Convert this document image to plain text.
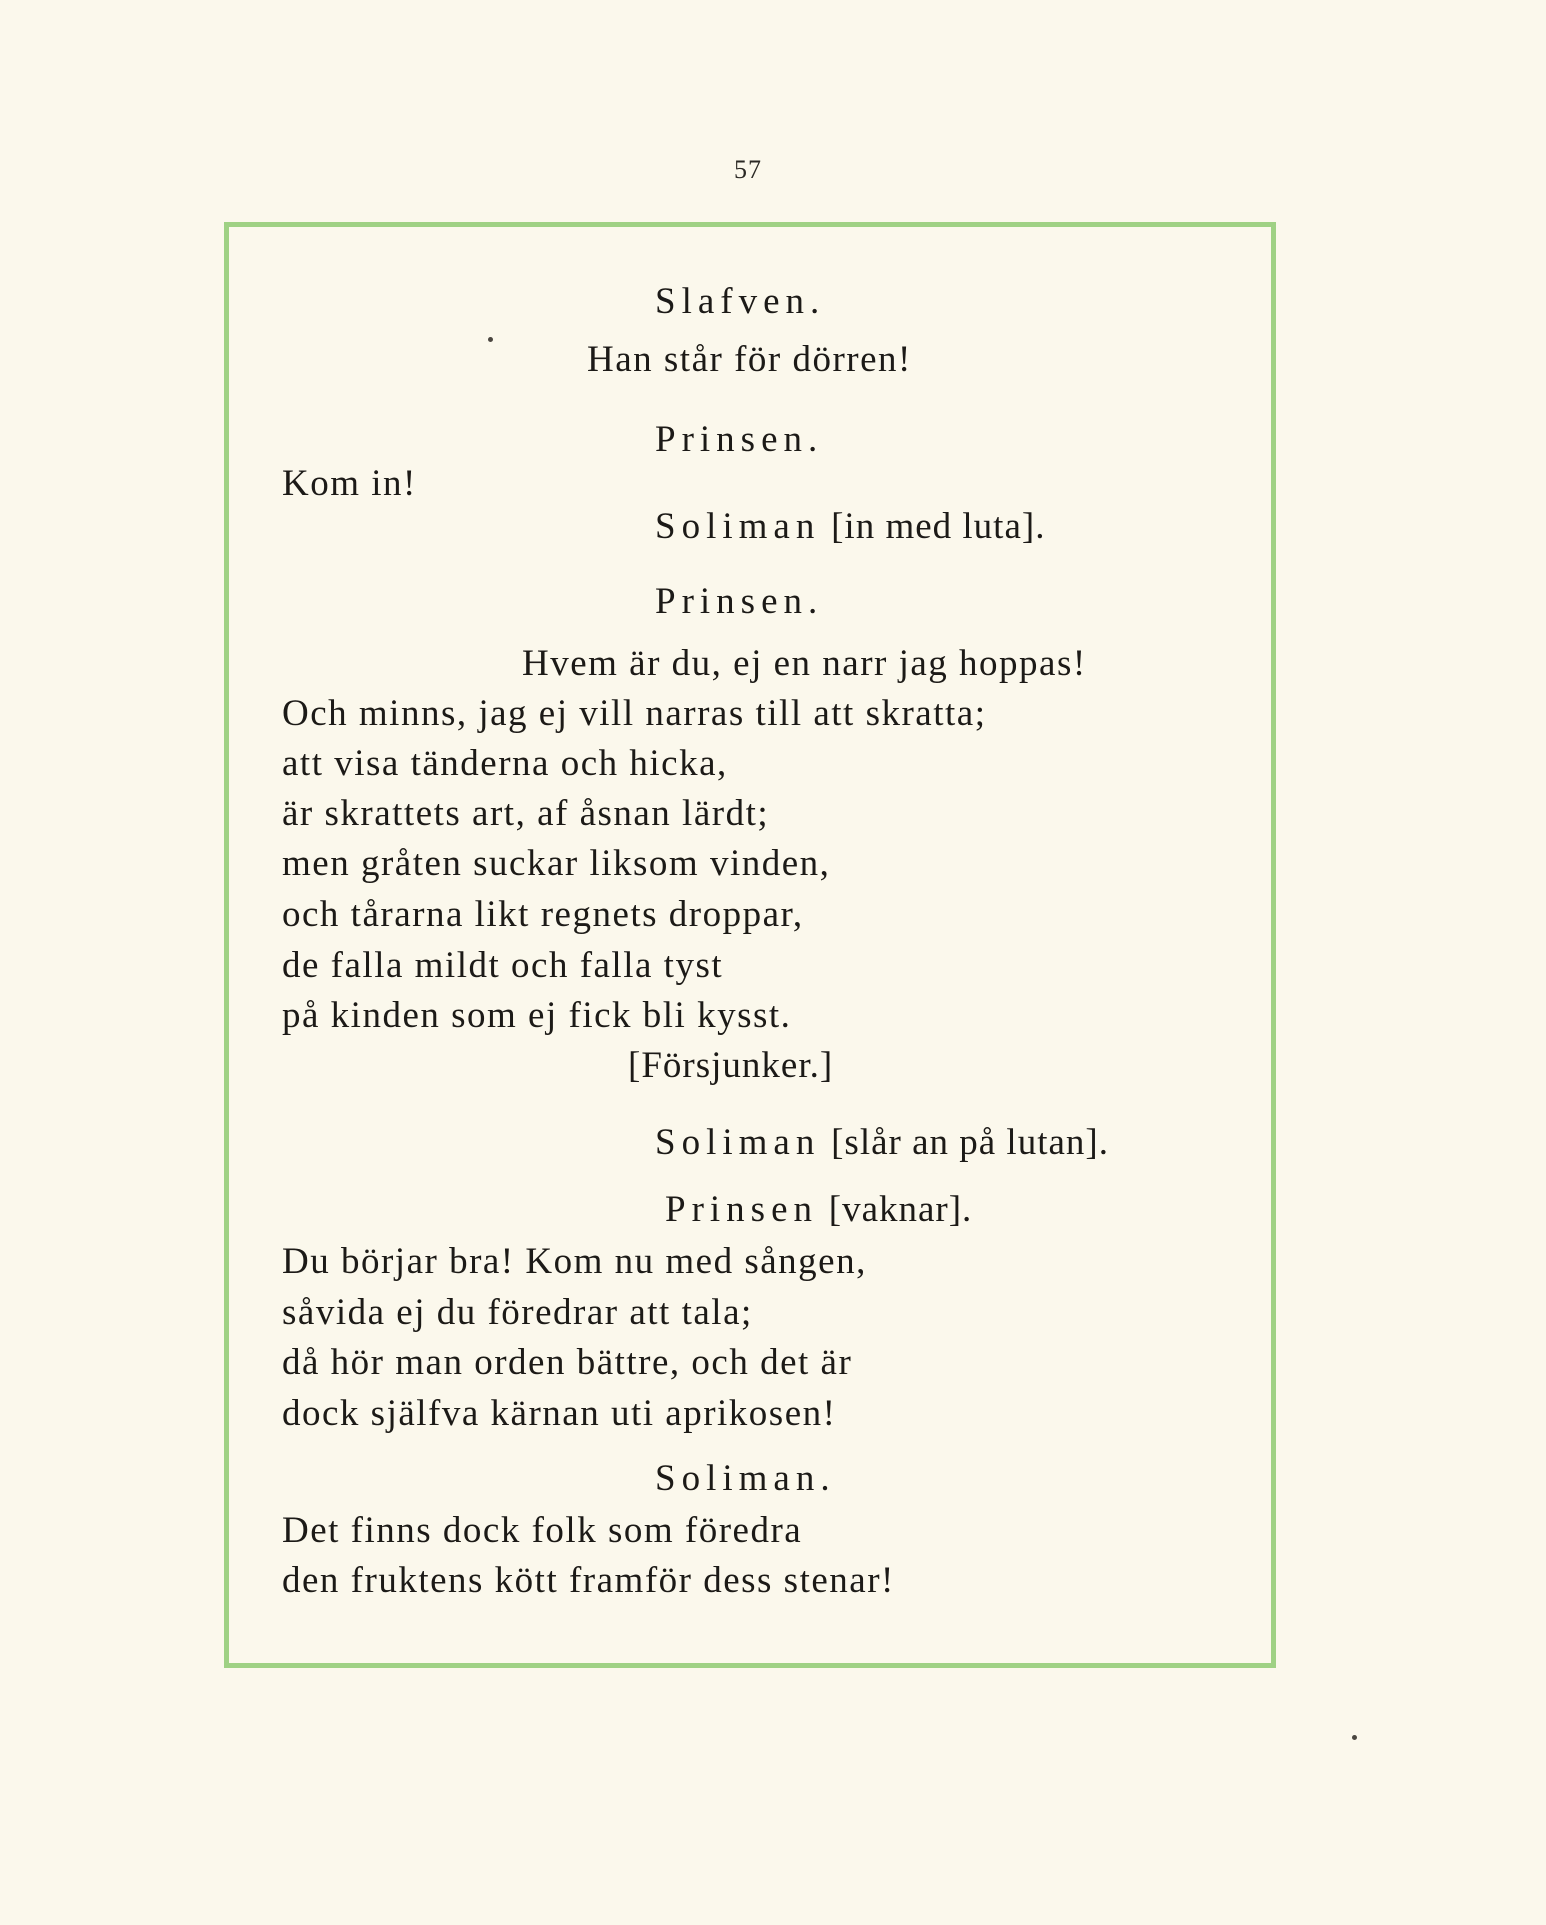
57
Slafven.
Han står för dörren!
Prinsen.
Kom in!
Soliman [in med luta].
Prinsen.
Hvem är du, ej en narr jag hoppas!
Och minns, jag ej vill narras till att skratta;
att visa tänderna och hicka,
är skrattets art, af åsnan lärdt;
men gråten suckar liksom vinden,
och tårarna likt regnets droppar,
de falla mildt och falla tyst
på kinden som ej fick bli kysst.
[Försjunker.]
Soliman [slår an på lutan].
Prinsen [vaknar].
Du börjar bra! Kom nu med sången,
såvida ej du föredrar att tala;
då hör man orden bättre, och det är
dock själfva kärnan uti aprikosen!
Soliman.
Det finns dock folk som föredra
den fruktens kött framför dess stenar!
